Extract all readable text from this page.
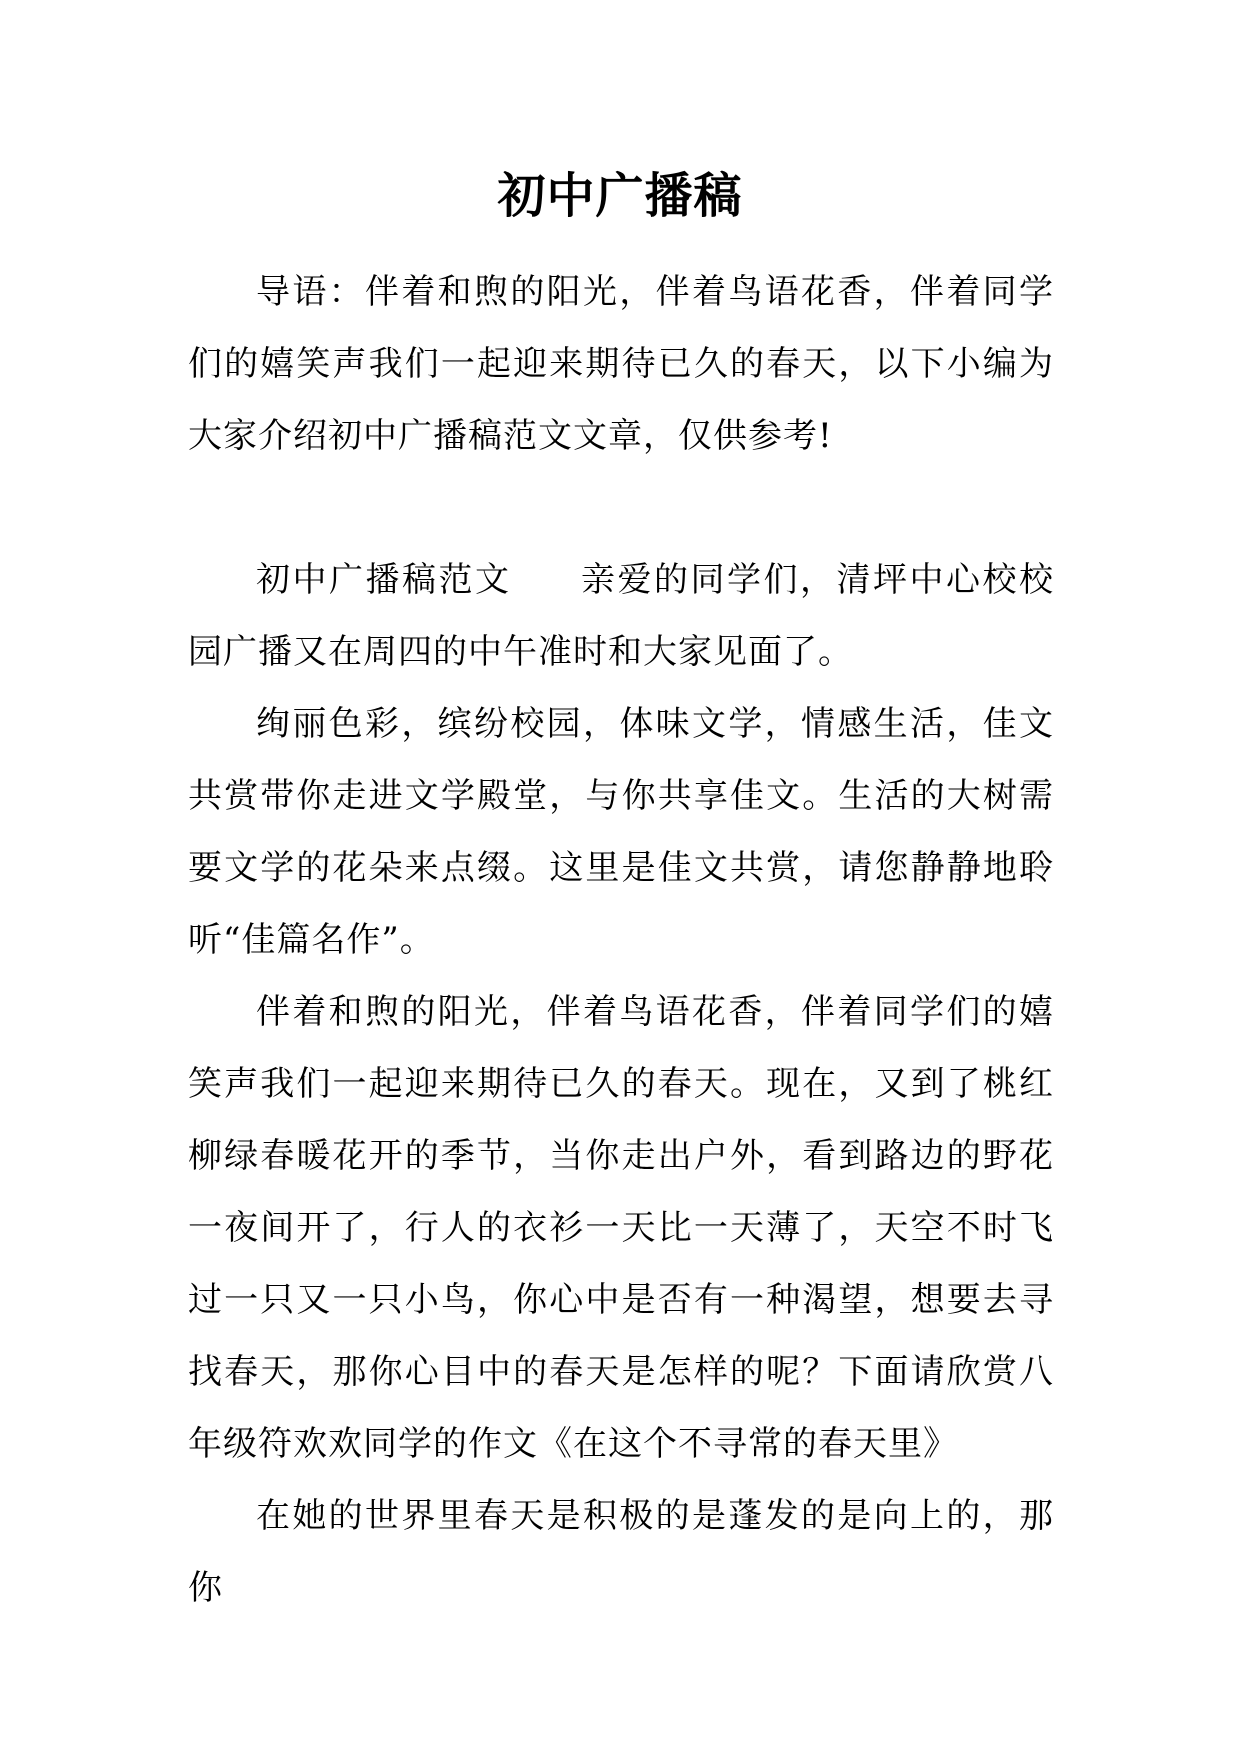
初中广播稿

导语：伴着和煦的阳光，伴着鸟语花香，伴着同学们的嬉笑声我们一起迎来期待已久的春天，以下小编为大家介绍初中广播稿范文文章，仅供参考!

初中广播稿范文 亲爱的同学们，清坪中心校校园广播又在周四的中午准时和大家见面了。

绚丽色彩，缤纷校园，体味文学，情感生活，佳文共赏带你走进文学殿堂，与你共享佳文。生活的大树需要文学的花朵来点缀。这里是佳文共赏，请您静静地聆听“佳篇名作”。

伴着和煦的阳光，伴着鸟语花香，伴着同学们的嬉笑声我们一起迎来期待已久的春天。现在，又到了桃红柳绿春暖花开的季节，当你走出户外，看到路边的野花一夜间开了，行人的衣衫一天比一天薄了，天空不时飞过一只又一只小鸟，你心中是否有一种渴望，想要去寻找春天，那你心目中的春天是怎样的呢？下面请欣赏八年级符欢欢同学的作文《在这个不寻常的春天里》

在她的世界里春天是积极的是蓬发的是向上的，那你
